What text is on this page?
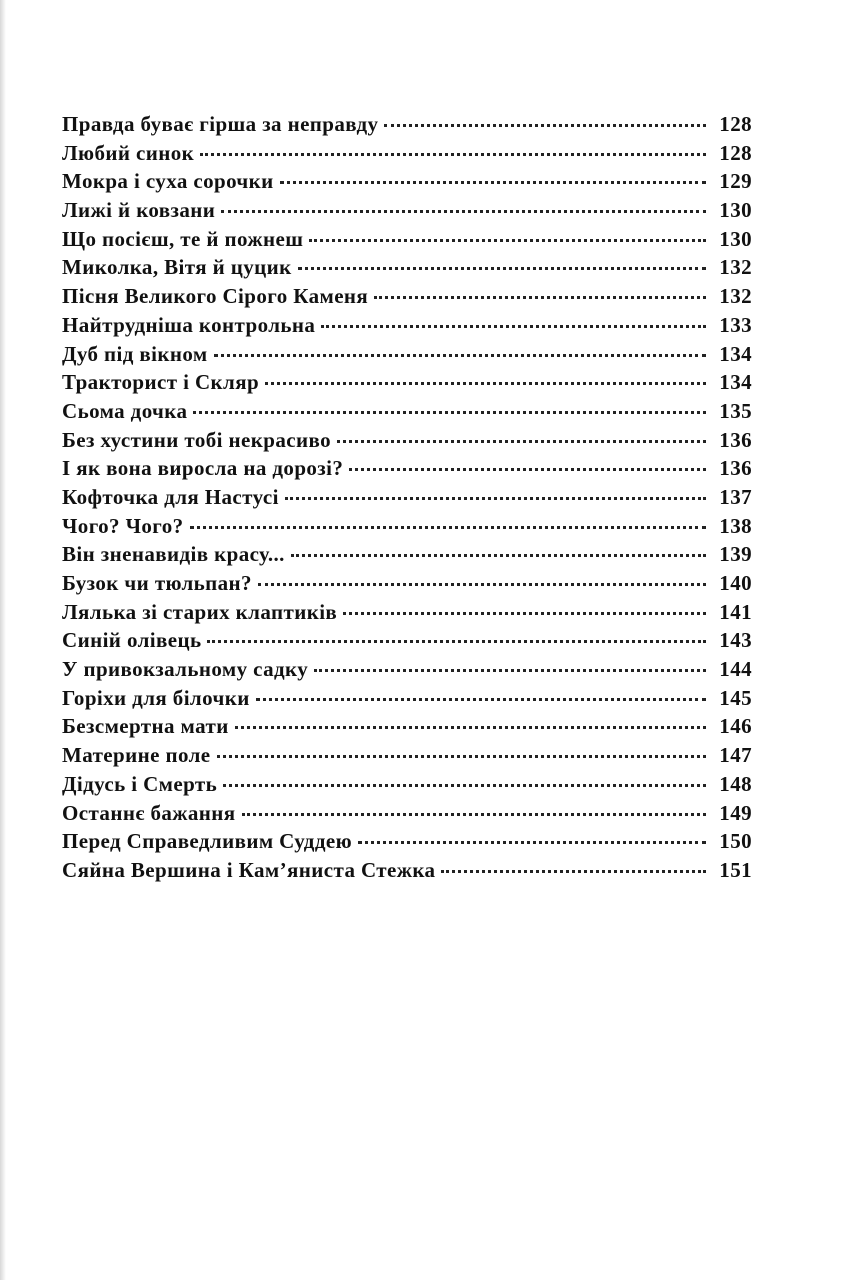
Правда буває гірша за неправду	128
Любий синок	128
Мокра і суха сорочки	129
Лижі й ковзани	130
Що посієш, те й пожнеш	130
Миколка, Вітя й цуцик	132
Пісня Великого Сірого Каменя	132
Найтрудніша контрольна	133
Дуб під вікном	134
Тракторист і Скляр	134
Сьома дочка	135
Без хустини тобі некрасиво	136
І як вона виросла на дорозі?	136
Кофточка для Настусі	137
Чого? Чого?	138
Він зненавидів красу...	139
Бузок чи тюльпан?	140
Лялька зі старих клаптиків	141
Синій олівець	143
У привокзальному садку	144
Горіхи для білочки	145
Безсмертна мати	146
Материне поле	147
Дідусь і Смерть	148
Останнє бажання	149
Перед Справедливим Суддею	150
Сяйна Вершина і Кам’яниста Стежка	151
